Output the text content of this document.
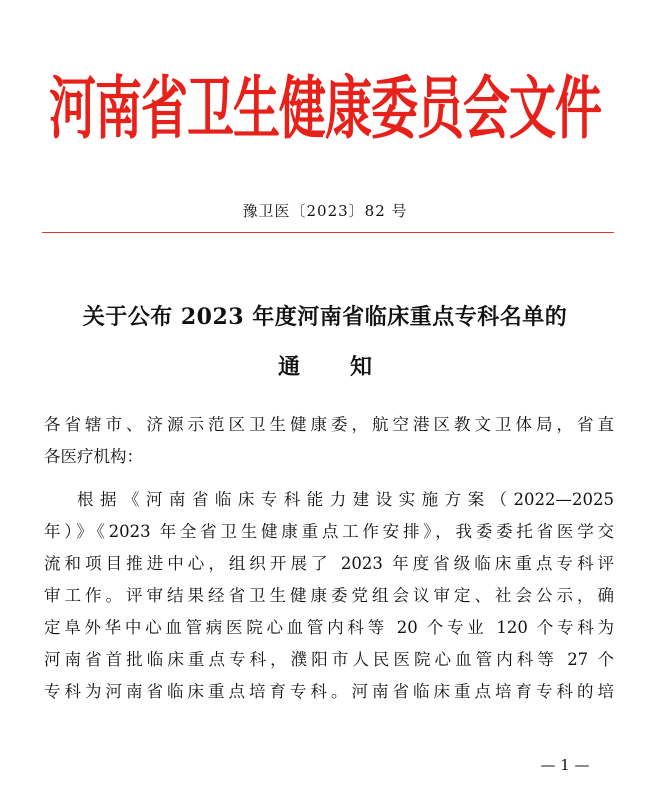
河南省卫生健康委员会文件
豫卫医〔2023〕82 号
关于公布 2023 年度河南省临床重点专科名单的
通 知
各省辖市、济源示范区卫生健康委，航空港区教文卫体局，省直
各医疗机构：
根据《河南省临床专科能力建设实施方案（2022—2025
年）》《2023 年全省卫生健康重点工作安排》，我委委托省医学交
流和项目推进中心，组织开展了 2023 年度省级临床重点专科评
审工作。评审结果经省卫生健康委党组会议审定、社会公示，确
定阜外华中心血管病医院心血管内科等 20 个专业 120 个专科为
河南省首批临床重点专科，濮阳市人民医院心血管内科等 27 个
专科为河南省临床重点培育专科。河南省临床重点培育专科的培
— 1 —
